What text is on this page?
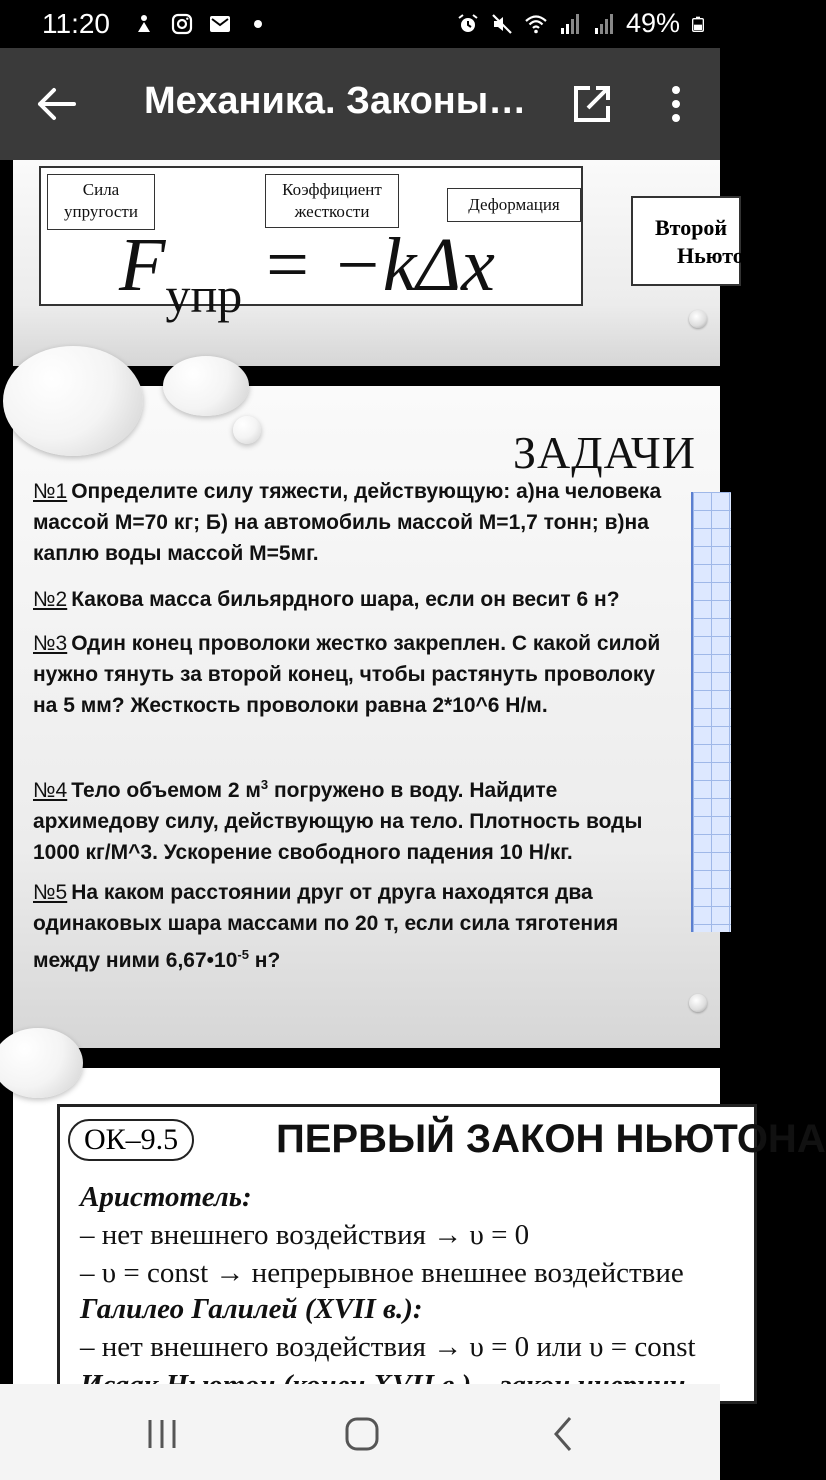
11:20	49%
Механика. Законы…
Сила упругости
Коэффициент жесткости	Деформация
$F_{упр} = -k\Delta x$	Второй
Ньютон
ЗАДАЧИ
№1 Определите силу тяжести, действующую: а)на человека массой М=70 кг; Б) на автомобиль массой М=1,7 тонн; в)на каплю воды массой М=5мг.
№2 Какова масса бильярдного шара, если он весит 6 н?
№3 Один конец проволоки жестко закреплен. С какой силой нужно тянуть за второй конец, чтобы растянуть проволоку на 5 мм? Жесткость проволоки равна 2*10^6 Н/м.
№4 Тело объемом 2 $м^3$ погружено в воду. Найдите архимедову силу, действующую на тело. Плотность воды 1000 кг/М^3. Ускорение свободного падения 10 Н/кг.
№5 На каком расстоянии друг от друга находятся два одинаковых шара массами по 20 т, если сила тяготения между ними $6,67•10^{-5}$ н?
ОК–9.5	ПЕРВЫЙ ЗАКОН НЬЮТОНА
Аристотель:
– нет внешнего воздействия → υ = 0
– υ = const → непрерывное внешнее воздействие
Галилео Галилей (XVII в.):
– нет внешнего воздействия → υ = 0 или υ = const
